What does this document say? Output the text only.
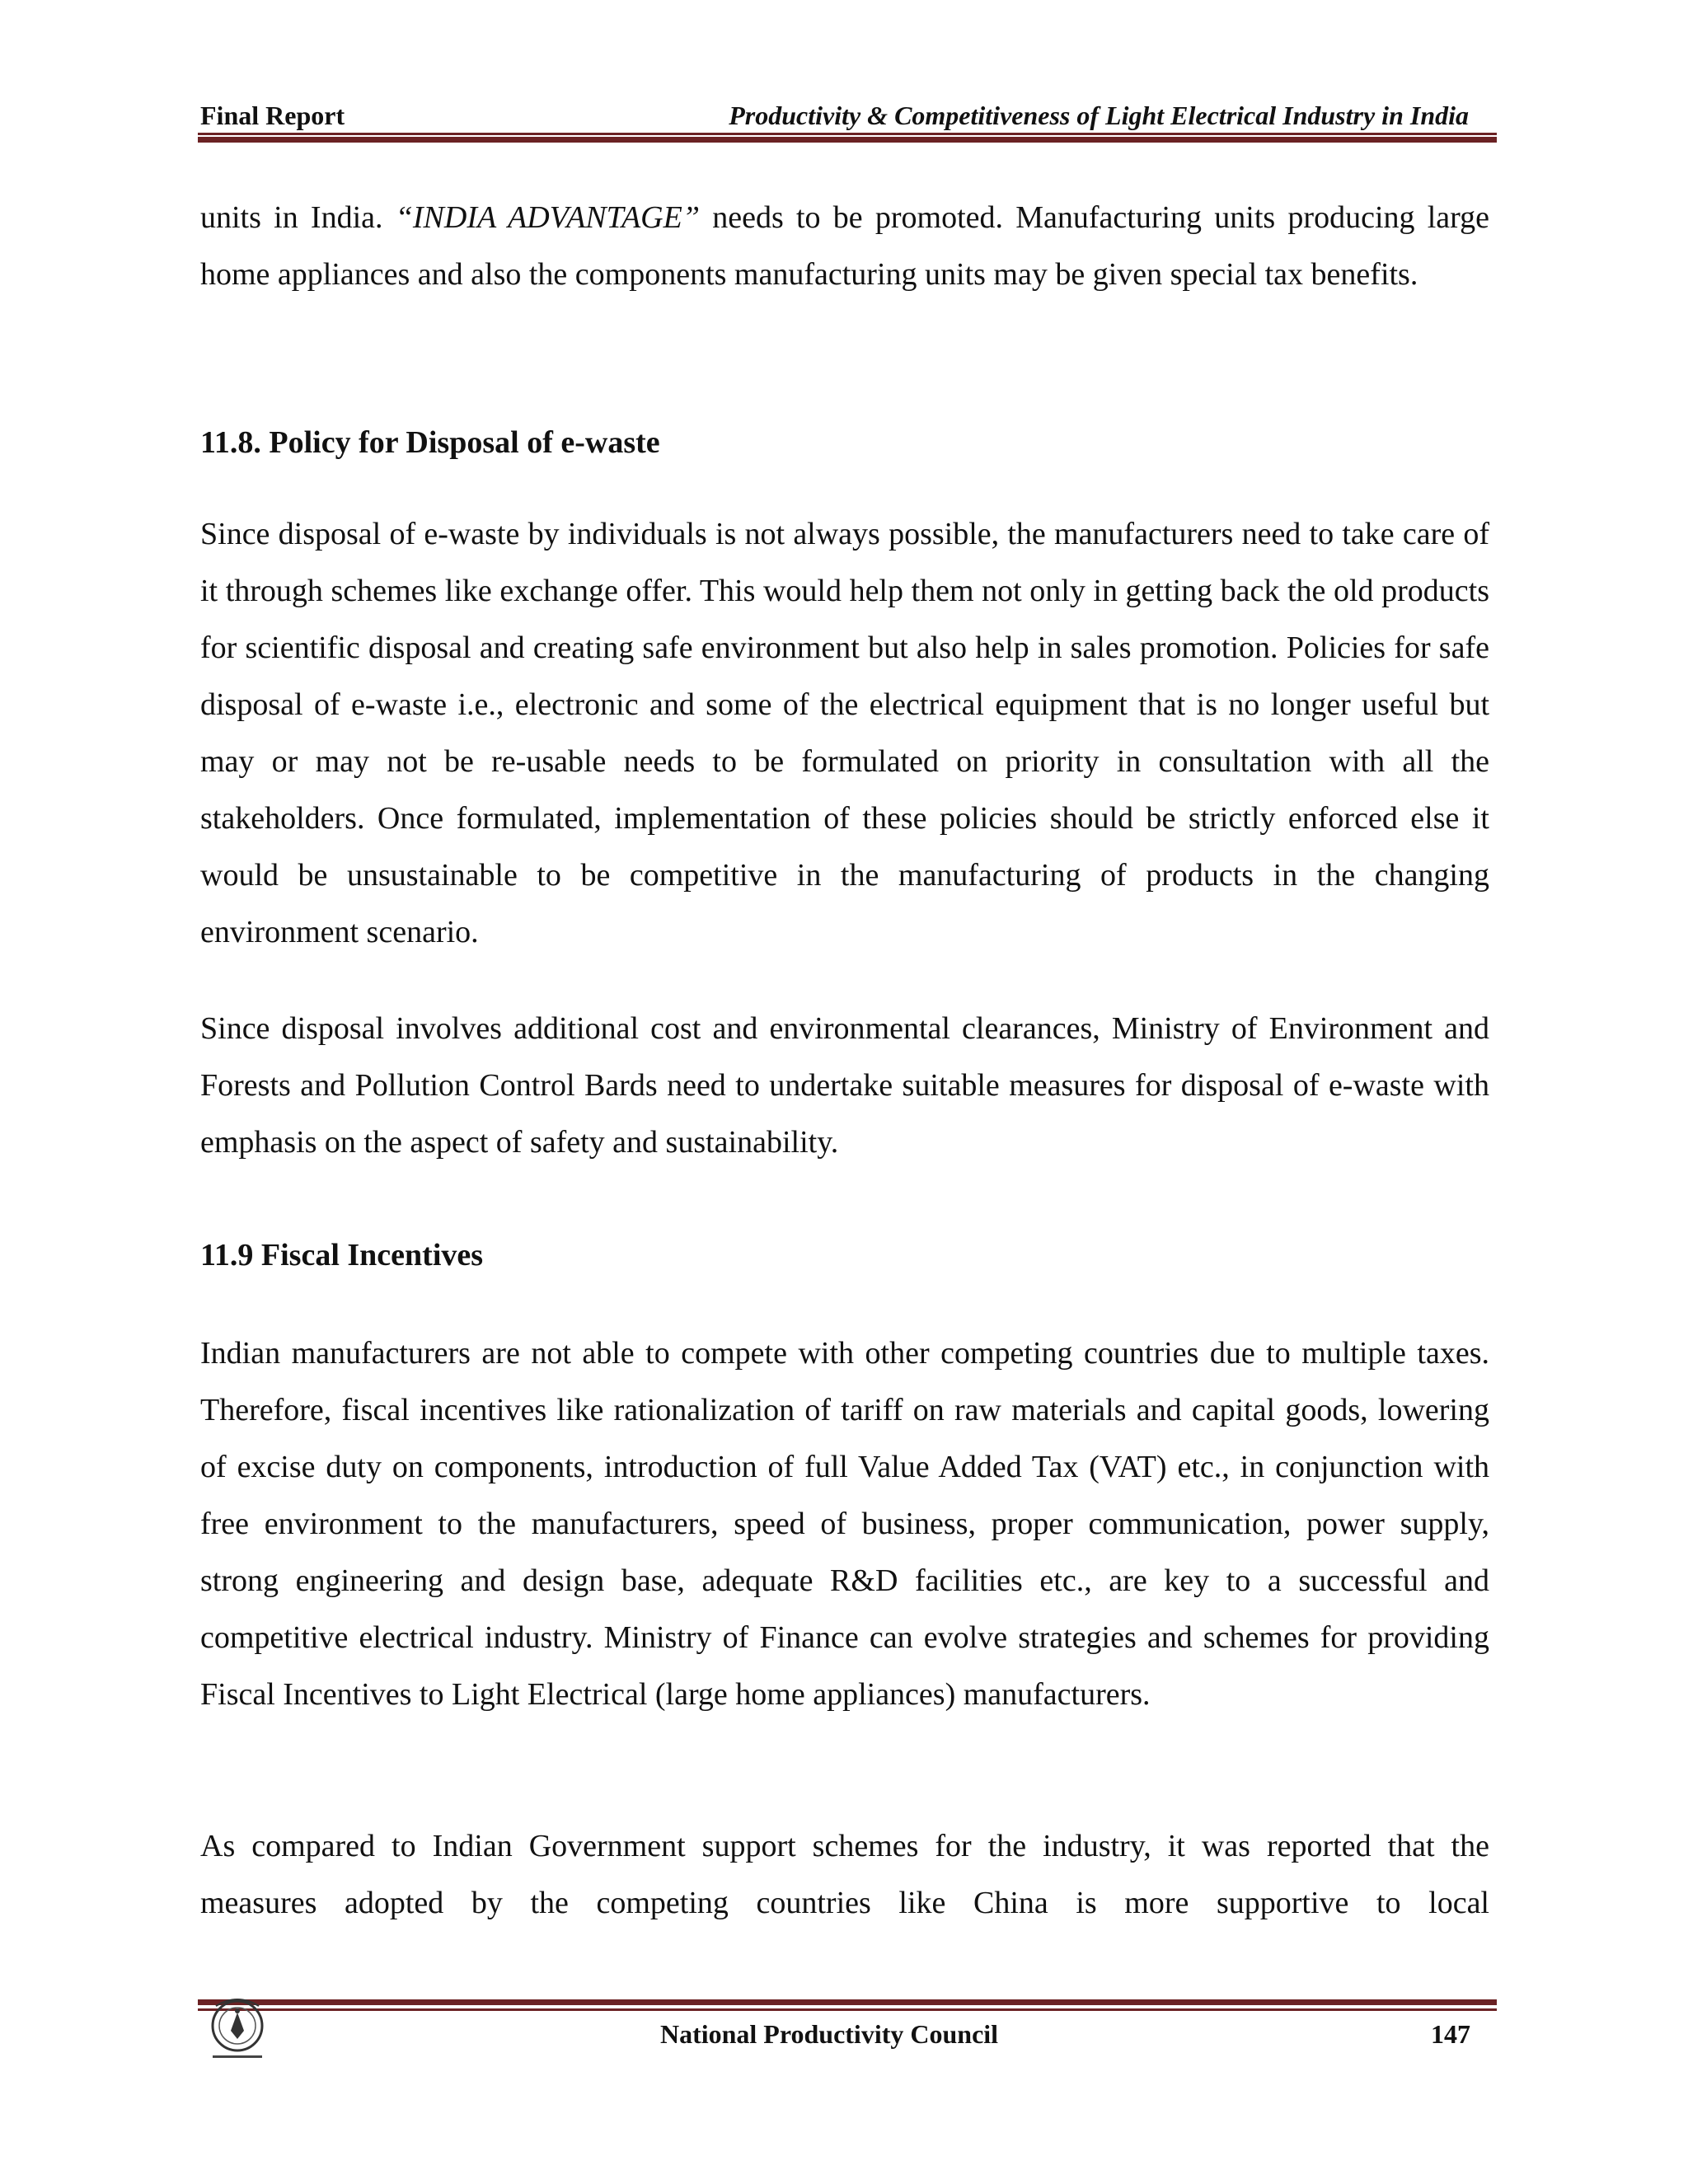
Final Report	Productivity & Competitiveness of Light Electrical Industry in India

units in India. “INDIA ADVANTAGE” needs to be promoted. Manufacturing units producing large home appliances and also the components manufacturing units may be given special tax benefits.

11.8. Policy for Disposal of e-waste

Since disposal of e-waste by individuals is not always possible, the manufacturers need to take care of it through schemes like exchange offer. This would help them not only in getting back the old products for scientific disposal and creating safe environment but also help in sales promotion. Policies for safe disposal of e-waste i.e., electronic and some of the electrical equipment that is no longer useful but may or may not be re-usable needs to be formulated on priority in consultation with all the stakeholders. Once formulated, implementation of these policies should be strictly enforced else it would be unsustainable to be competitive in the manufacturing of products in the changing environment scenario.

Since disposal involves additional cost and environmental clearances, Ministry of Environment and Forests and Pollution Control Bards need to undertake suitable measures for disposal of e-waste with emphasis on the aspect of safety and sustainability.

11.9 Fiscal Incentives

Indian manufacturers are not able to compete with other competing countries due to multiple taxes. Therefore, fiscal incentives like rationalization of tariff on raw materials and capital goods, lowering of excise duty on components, introduction of full Value Added Tax (VAT) etc., in conjunction with free environment to the manufacturers, speed of business, proper communication, power supply, strong engineering and design base, adequate R&D facilities etc., are key to a successful and competitive electrical industry. Ministry of Finance can evolve strategies and schemes for providing Fiscal Incentives to Light Electrical (large home appliances) manufacturers.

As compared to Indian Government support schemes for the industry, it was reported that the measures adopted by the competing countries like China is more supportive to local

National Productivity Council	147
